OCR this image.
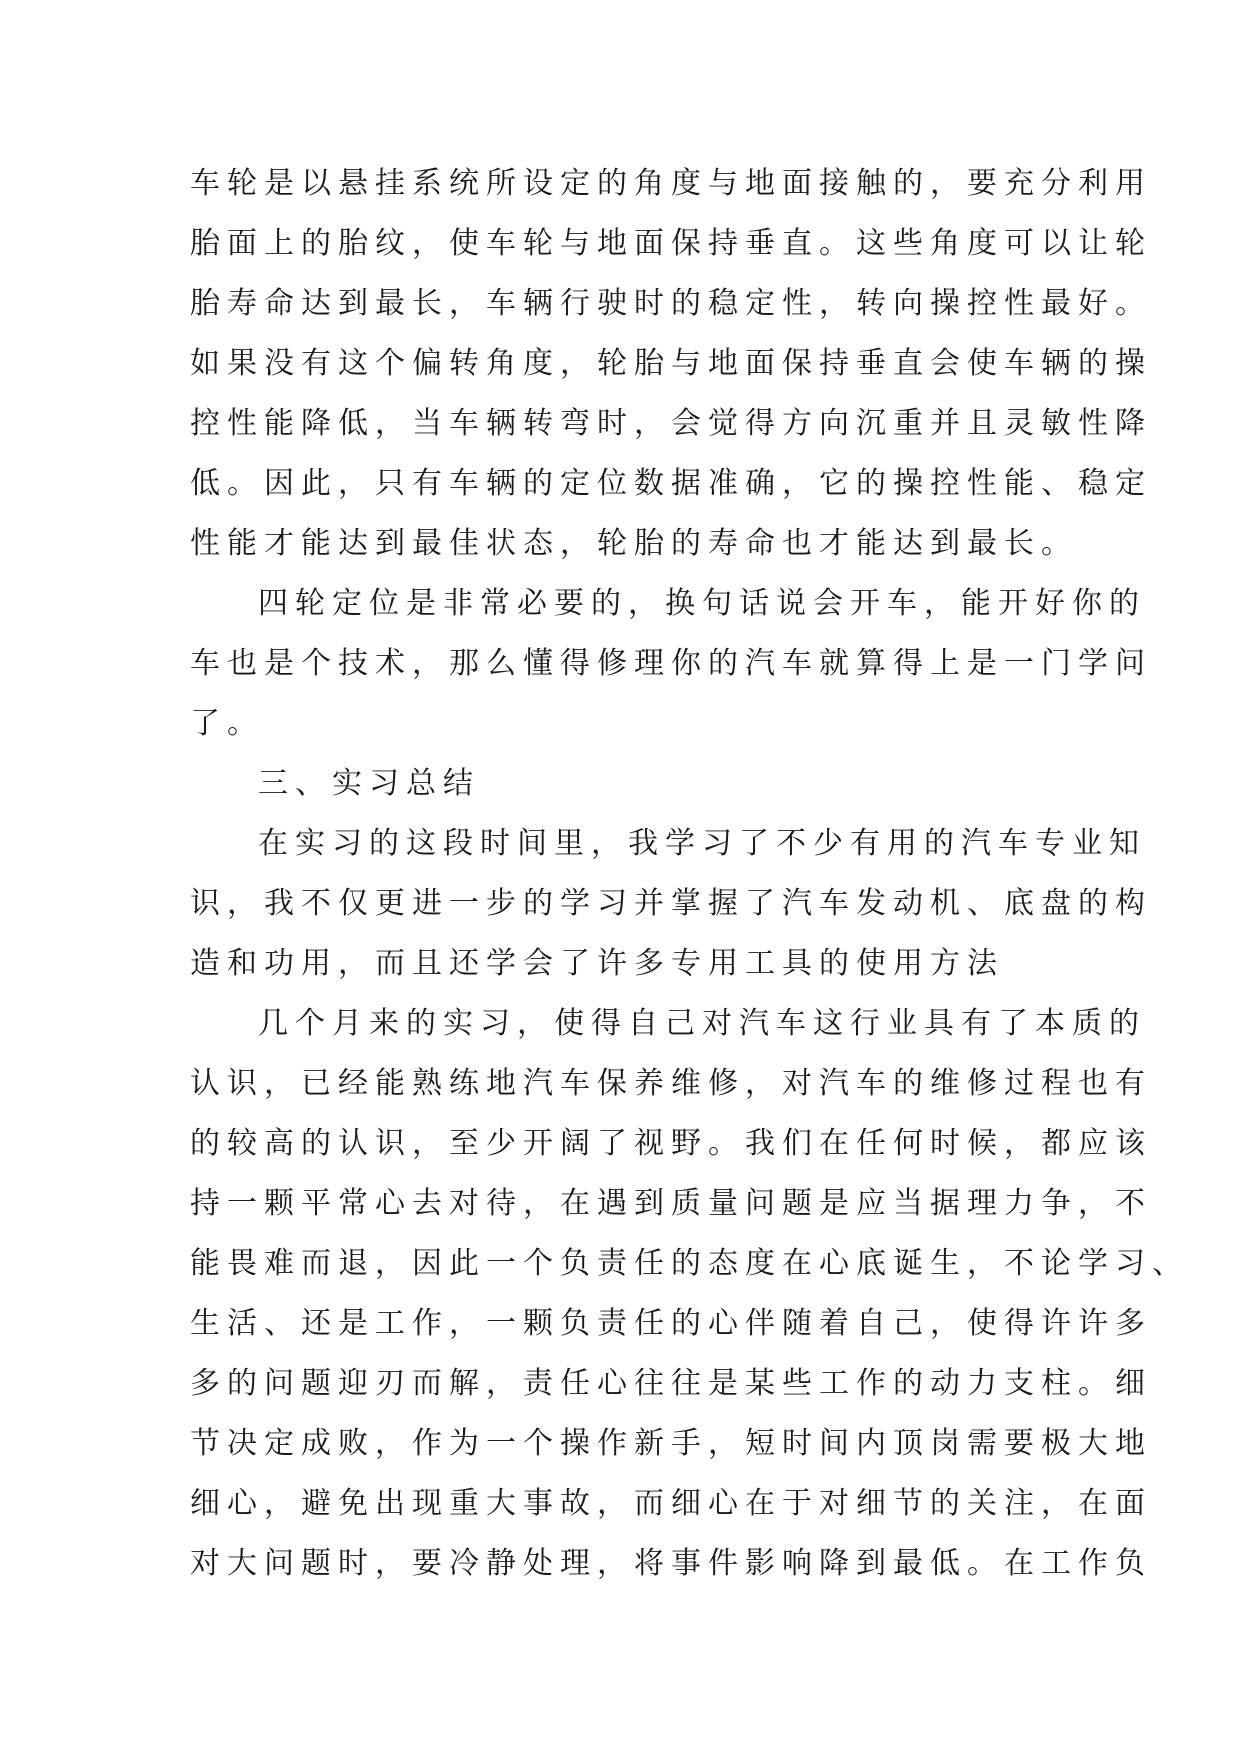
车轮是以悬挂系统所设定的角度与地面接触的，要充分利用
胎面上的胎纹，使车轮与地面保持垂直。这些角度可以让轮
胎寿命达到最长，车辆行驶时的稳定性，转向操控性最好。
如果没有这个偏转角度，轮胎与地面保持垂直会使车辆的操
控性能降低，当车辆转弯时，会觉得方向沉重并且灵敏性降
低。因此，只有车辆的定位数据准确，它的操控性能、稳定
性能才能达到最佳状态，轮胎的寿命也才能达到最长。
四轮定位是非常必要的，换句话说会开车，能开好你的
车也是个技术，那么懂得修理你的汽车就算得上是一门学问
了。
三、实习总结
在实习的这段时间里，我学习了不少有用的汽车专业知
识，我不仅更进一步的学习并掌握了汽车发动机、底盘的构
造和功用，而且还学会了许多专用工具的使用方法
几个月来的实习，使得自己对汽车这行业具有了本质的
认识，已经能熟练地汽车保养维修，对汽车的维修过程也有
的较高的认识，至少开阔了视野。我们在任何时候，都应该
持一颗平常心去对待，在遇到质量问题是应当据理力争，不
能畏难而退，因此一个负责任的态度在心底诞生，不论学习、
生活、还是工作，一颗负责任的心伴随着自己，使得许许多
多的问题迎刃而解，责任心往往是某些工作的动力支柱。细
节决定成败，作为一个操作新手，短时间内顶岗需要极大地
细心，避免出现重大事故，而细心在于对细节的关注，在面
对大问题时，要冷静处理，将事件影响降到最低。在工作负
